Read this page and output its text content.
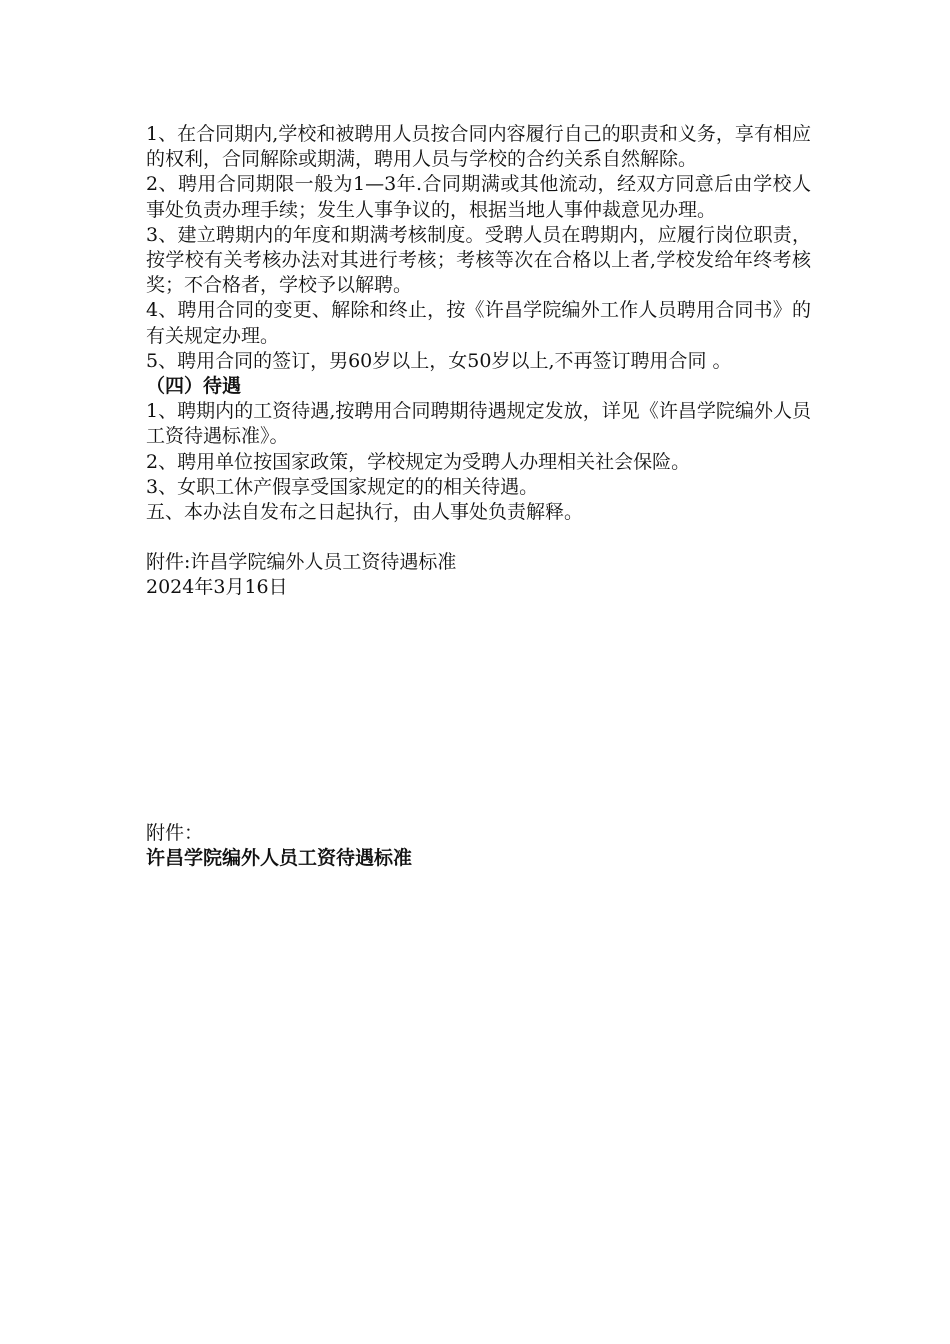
1、在合同期内,学校和被聘用人员按合同内容履行自己的职责和义务，享有相应的权利，合同解除或期满，聘用人员与学校的合约关系自然解除。

2、聘用合同期限一般为1—3年.合同期满或其他流动，经双方同意后由学校人事处负责办理手续；发生人事争议的，根据当地人事仲裁意见办理。

3、建立聘期内的年度和期满考核制度。受聘人员在聘期内，应履行岗位职责，按学校有关考核办法对其进行考核；考核等次在合格以上者,学校发给年终考核奖；不合格者，学校予以解聘。

4、聘用合同的变更、解除和终止，按《许昌学院编外工作人员聘用合同书》的有关规定办理。

5、聘用合同的签订，男60岁以上，女50岁以上,不再签订聘用合同 。

（四）待遇

1、聘期内的工资待遇,按聘用合同聘期待遇规定发放，详见《许昌学院编外人员工资待遇标准》。

2、聘用单位按国家政策，学校规定为受聘人办理相关社会保险。

3、女职工休产假享受国家规定的的相关待遇。

五、本办法自发布之日起执行，由人事处负责解释。

附件:许昌学院编外人员工资待遇标准

2024年3月16日

附件：

许昌学院编外人员工资待遇标准
